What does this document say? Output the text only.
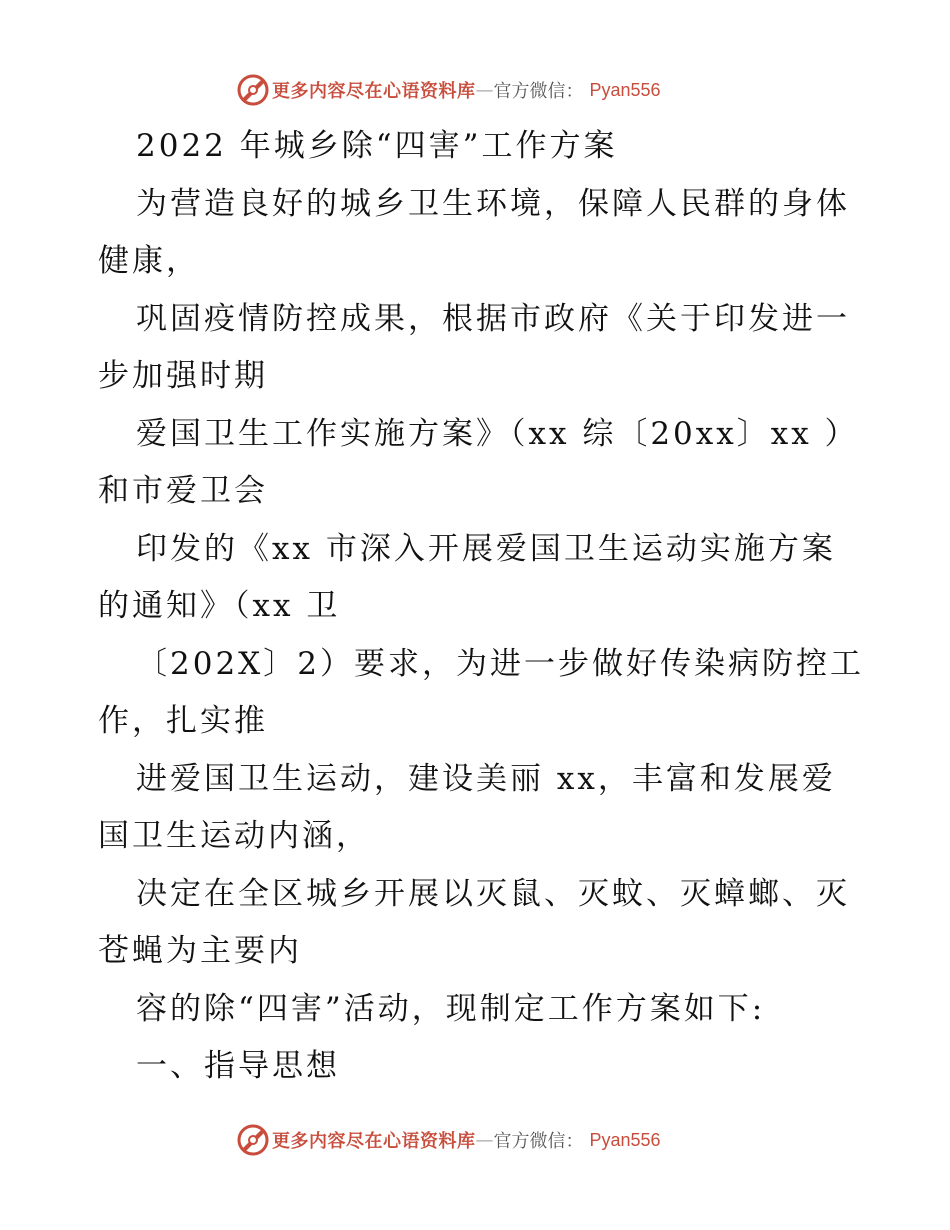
更多内容尽在心语资料库 — 官方微信： Pyan556
2022 年城乡除“四害”工作方案
为营造良好的城乡卫生环境，保障人民群的身体
健康，
巩固疫情防控成果，根据市政府《关于印发进一
步加强时期
爱国卫生工作实施方案》（xx 综〔20xx〕xx ）
和市爱卫会
印发的《xx 市深入开展爱国卫生运动实施方案
的通知》（xx 卫
〔202X〕2）要求，为进一步做好传染病防控工
作，扎实推
进爱国卫生运动，建设美丽 xx，丰富和发展爱
国卫生运动内涵，
决定在全区城乡开展以灭鼠、灭蚊、灭蟑螂、灭
苍蝇为主要内
容的除“四害”活动，现制定工作方案如下:
一、指导思想
更多内容尽在心语资料库 — 官方微信： Pyan556
